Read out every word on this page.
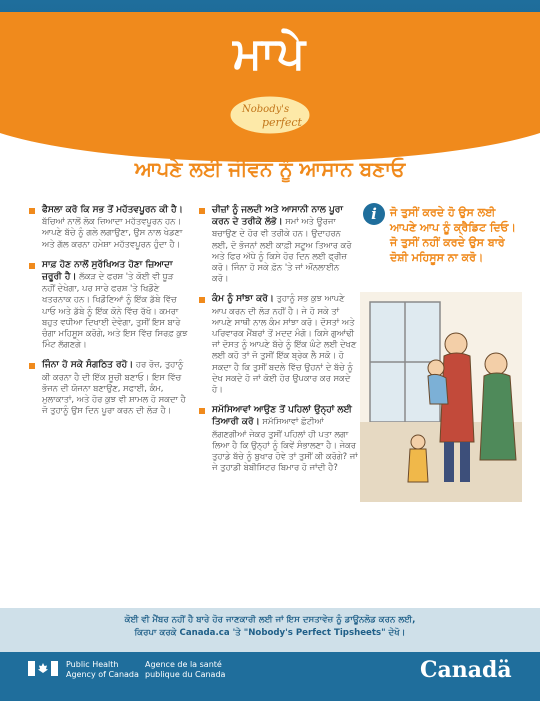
ਮਾਪੇ
Nobody's
perfect
ਆਪਣੇ ਲਈ ਜੀਵਨ ਨੂੰ ਆਸਾਨ ਬਣਾਓ
ਫੈਸਲਾ ਕਰੋ ਕਿ ਸਭ ਤੋਂ ਮਹੱਤਵਪੂਰਨ ਕੀ ਹੈ। ਬੱਚਿਆਂ ਨਾਲੋਂ ਲੋਕ ਜ਼ਿਆਦਾ ਮਹੱਤਵਪੂਰਨ ਹਨ। ਆਪਣੇ ਬੱਚੇ ਨੂੰ ਗਲੇ ਲਗਾਉਣਾ, ਉਸ ਨਾਲ ਖੇਡਣਾ ਅਤੇ ਗੱਲ ਕਰਨਾ ਹਮੇਸ਼ਾ ਮਹੱਤਵਪੂਰਨ ਹੁੰਦਾ ਹੈ।
ਸਾਫ਼ ਹੋਣ ਨਾਲੋਂ ਸੁਰੱਖਿਅਤ ਹੋਣਾ ਜ਼ਿਆਦਾ ਜ਼ਰੂਰੀ ਹੈ। ਲੱਕੜ ਦੇ ਫਰਸ਼ 'ਤੇ ਕੋਈ ਵੀ ਧੂੜ ਨਹੀਂ ਦੇਖੇਗਾ, ਪਰ ਸਾਰੇ ਫਰਸ਼ 'ਤੇ ਖਿਡੌਣੇ ਖਤਰਨਾਕ ਹਨ। ਖਿਡੌਣਿਆਂ ਨੂੰ ਇੱਕ ਡੱਬੇ ਵਿੱਚ ਪਾਓ ਅਤੇ ਡੱਬੇ ਨੂੰ ਇੱਕ ਕੋਨੇ ਵਿੱਚ ਰੱਖੋ। ਕਮਰਾ ਬਹੁਤ ਵਧੀਆ ਦਿਖਾਈ ਦੇਵੇਗਾ, ਤੁਸੀਂ ਇਸ ਬਾਰੇ ਚੰਗਾ ਮਹਿਸੂਸ ਕਰੋਗੇ, ਅਤੇ ਇਸ ਵਿੱਚ ਸਿਰਫ਼ ਕੁਝ ਮਿੰਟ ਲੱਗਣਗੇ।
ਜਿੰਨਾ ਹੋ ਸਕੇ ਸੰਗਠਿਤ ਰਹੋ। ਹਰ ਰੋਜ਼, ਤੁਹਾਨੂੰ ਕੀ ਕਰਨਾ ਹੈ ਦੀ ਇੱਕ ਸੂਚੀ ਬਣਾਓ। ਇਸ ਵਿੱਚ ਭੋਜਨ ਦੀ ਯੋਜਨਾ ਬਣਾਉਣ, ਸਫਾਈ, ਕੰਮ, ਮੁਲਾਕਾਤਾਂ, ਅਤੇ ਹੋਰ ਕੁਝ ਵੀ ਸ਼ਾਮਲ ਹੋ ਸਕਦਾ ਹੈ ਜੋ ਤੁਹਾਨੂੰ ਉਸ ਦਿਨ ਪੂਰਾ ਕਰਨ ਦੀ ਲੋੜ ਹੈ।
ਚੀਜ਼ਾਂ ਨੂੰ ਜਲਦੀ ਅਤੇ ਆਸਾਨੀ ਨਾਲ ਪੂਰਾ ਕਰਨ ਦੇ ਤਰੀਕੇ ਲੱਭੋ। ਸਮਾਂ ਅਤੇ ਊਰਜਾ ਬਚਾਉਣ ਦੇ ਹੋਰ ਵੀ ਤਰੀਕੇ ਹਨ। ਉਦਾਹਰਨ ਲਈ, ਦੋ ਭੋਜਨਾਂ ਲਈ ਕਾਫ਼ੀ ਸਟੂਅ ਤਿਆਰ ਕਰੋ ਅਤੇ ਫਿਰ ਅੱਧੇ ਨੂੰ ਕਿਸੇ ਹੋਰ ਦਿਨ ਲਈ ਫ੍ਰੀਜ਼ ਕਰੋ। ਜਿੰਨਾ ਹੋ ਸਕੇ ਫ਼ੋਨ 'ਤੇ ਜਾਂ ਔਨਲਾਈਨ ਕਰੋ।
ਕੰਮ ਨੂੰ ਸਾਂਝਾ ਕਰੋ। ਤੁਹਾਨੂੰ ਸਭ ਕੁਝ ਆਪਣੇ ਆਪ ਕਰਨ ਦੀ ਲੋੜ ਨਹੀਂ ਹੈ। ਜੇ ਹੋ ਸਕੇ ਤਾਂ ਆਪਣੇ ਸਾਥੀ ਨਾਲ ਕੰਮ ਸਾਂਝਾ ਕਰੋ। ਦੋਸਤਾਂ ਅਤੇ ਪਰਿਵਾਰਕ ਮੈਂਬਰਾਂ ਤੋਂ ਮਦਦ ਮੰਗੋ। ਕਿਸੇ ਗੁਆਂਢੀ ਜਾਂ ਦੋਸਤ ਨੂੰ ਆਪਣੇ ਬੱਚੇ ਨੂੰ ਇੱਕ ਘੰਟੇ ਲਈ ਦੇਖਣ ਲਈ ਕਹੋ ਤਾਂ ਜੋ ਤੁਸੀਂ ਇੱਕ ਬ੍ਰੇਕ ਲੈ ਸਕੋ। ਹੋ ਸਕਦਾ ਹੈ ਕਿ ਤੁਸੀਂ ਬਦਲੇ ਵਿੱਚ ਉਹਨਾਂ ਦੇ ਬੱਚੇ ਨੂੰ ਦੇਖ ਸਕਦੇ ਹੋ ਜਾਂ ਕੋਈ ਹੋਰ ਉਪਕਾਰ ਕਰ ਸਕਦੇ ਹੋ।
ਸਮੱਸਿਆਵਾਂ ਆਉਣ ਤੋਂ ਪਹਿਲਾਂ ਉਨ੍ਹਾਂ ਲਈ ਤਿਆਰੀ ਕਰੋ। ਸਮੱਸਿਆਵਾਂ ਛੋਟੀਆਂ ਲੱਗਣਗੀਆਂ ਜੇਕਰ ਤੁਸੀਂ ਪਹਿਲਾਂ ਹੀ ਪਤਾ ਲਗਾ ਲਿਆ ਹੈ ਕਿ ਉਨ੍ਹਾਂ ਨੂੰ ਕਿਵੇਂ ਸੰਭਾਲਣਾ ਹੈ। ਜੇਕਰ ਤੁਹਾਡੇ ਬੱਚੇ ਨੂੰ ਬੁਖਾਰ ਹੋਵੇ ਤਾਂ ਤੁਸੀਂ ਕੀ ਕਰੋਗੇ? ਜਾਂ ਜੇ ਤੁਹਾਡੀ ਬੇਬੀਸਿਟਰ ਬਿਮਾਰ ਹੋ ਜਾਂਦੀ ਹੈ?
i	ਜੋ ਤੁਸੀਂ ਕਰਦੇ ਹੋ ਉਸ ਲਈ ਆਪਣੇ ਆਪ ਨੂੰ ਕ੍ਰੈਡਿਟ ਦਿਓ। ਜੋ ਤੁਸੀਂ ਨਹੀਂ ਕਰਦੇ ਉਸ ਬਾਰੇ ਦੋਸ਼ੀ ਮਹਿਸੂਸ ਨਾ ਕਰੋ।
ਕੋਈ ਵੀ ਮੈਂਬਰ ਨਹੀਂ ਹੈ ਬਾਰੇ ਹੋਰ ਜਾਣਕਾਰੀ ਲਈ ਜਾਂ ਇਸ ਦਸਤਾਵੇਜ਼ ਨੂੰ ਡਾਊਨਲੋਡ ਕਰਨ ਲਈ,
ਕਿਰਪਾ ਕਰਕੇ Canada.ca 'ਤੇ "Nobody's Perfect Tipsheets" ਦੇਖੋ।
Public Health
Agency of Canada
Agence de la santé
publique du Canada	Canadä
